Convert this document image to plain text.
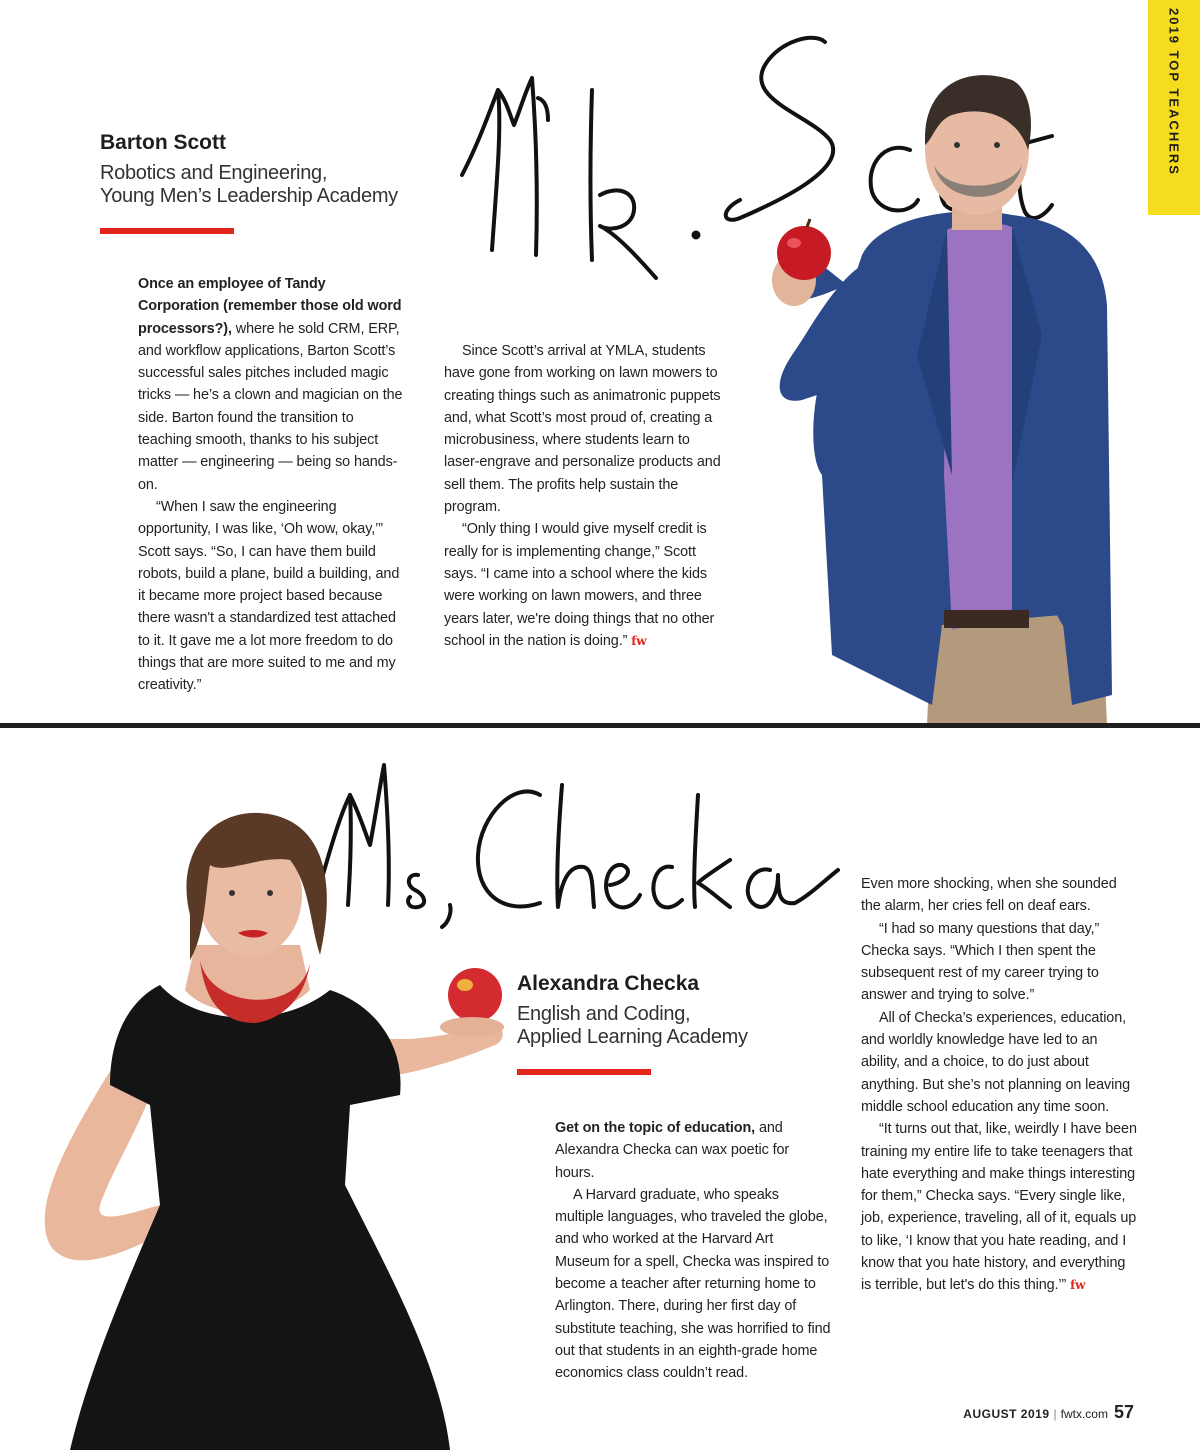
2019 TOP TEACHERS
Barton Scott
Robotics and Engineering,
Young Men’s Leadership Academy

Once an employee of Tandy Corporation (remember those old word processors?), where he sold CRM, ERP, and workflow applications, Barton Scott’s successful sales pitches included magic tricks — he’s a clown and magician on the side. Barton found the transition to teaching smooth, thanks to his subject matter — engineering — being so hands-on.

“When I saw the engineering opportunity, I was like, ‘Oh wow, okay,’” Scott says. “So, I can have them build robots, build a plane, build a building, and it became more project based because there wasn't a standardized test attached to it. It gave me a lot more freedom to do things that are more suited to me and my creativity.”

Since Scott’s arrival at YMLA, students have gone from working on lawn mowers to creating things such as animatronic puppets and, what Scott’s most proud of, creating a microbusiness, where students learn to laser-engrave and personalize products and sell them. The profits help sustain the program.

“Only thing I would give myself credit is really for is implementing change,” Scott says. “I came into a school where the kids were working on lawn mowers, and three years later, we're doing things that no other school in the nation is doing.” fw

Alexandra Checka
English and Coding,
Applied Learning Academy

Get on the topic of education, and Alexandra Checka can wax poetic for hours.

A Harvard graduate, who speaks multiple languages, who traveled the globe, and who worked at the Harvard Art Museum for a spell, Checka was inspired to become a teacher after returning home to Arlington. There, during her first day of substitute teaching, she was horrified to find out that students in an eighth-grade home economics class couldn’t read.

Even more shocking, when she sounded the alarm, her cries fell on deaf ears.

“I had so many questions that day,” Checka says. “Which I then spent the subsequent rest of my career trying to answer and trying to solve.”

All of Checka’s experiences, education, and worldly knowledge have led to an ability, and a choice, to do just about anything. But she’s not planning on leaving middle school education any time soon.

“It turns out that, like, weirdly I have been training my entire life to take teenagers that hate everything and make things interesting for them,” Checka says. “Every single like, job, experience, traveling, all of it, equals up to like, ‘I know that you hate reading, and I know that you hate history, and everything is terrible, but let's do this thing.’” fw

AUGUST 2019 | fwtx.com 57
